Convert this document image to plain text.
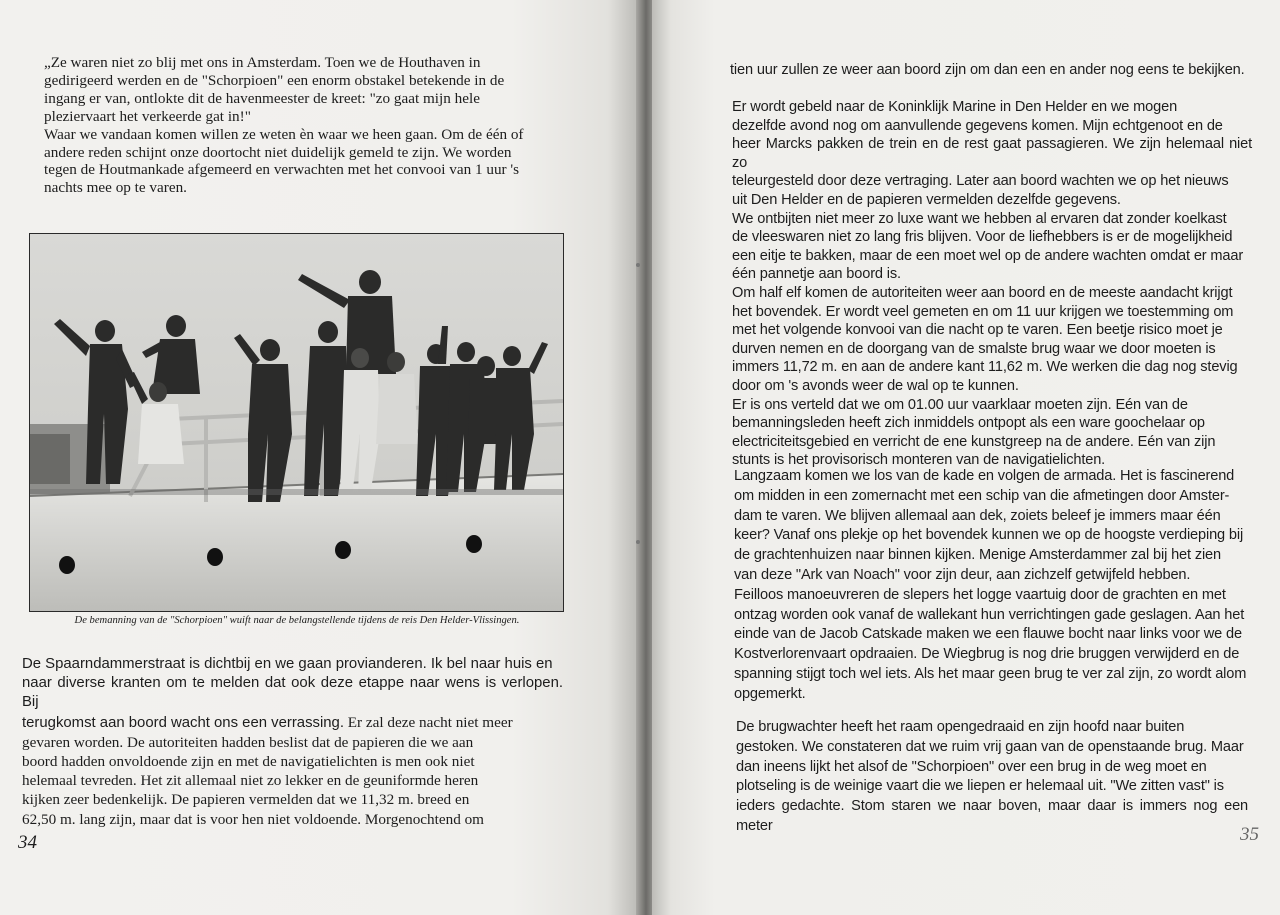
„Ze waren niet zo blij met ons in Amsterdam. Toen we de Houthaven in
gedirigeerd werden en de "Schorpioen" een enorm obstakel betekende in de
ingang er van, ontlokte dit de havenmeester de kreet: "zo gaat mijn hele
pleziervaart het verkeerde gat in!"
Waar we vandaan komen willen ze weten èn waar we heen gaan. Om de één of
andere reden schijnt onze doortocht niet duidelijk gemeld te zijn. We worden
tegen de Houtmankade afgemeerd en verwachten met het convooi van 1 uur 's
nachts mee op te varen.

De bemanning van de "Schorpioen" wuift naar de belangstellende tijdens de reis Den Helder-Vlissingen.

De Spaarndammerstraat is dichtbij en we gaan provianderen. Ik bel naar huis en
naar diverse kranten om te melden dat ook deze etappe naar wens is verlopen. Bij
terugkomst aan boord wacht ons een verrassing. Er zal deze nacht niet meer
gevaren worden. De autoriteiten hadden beslist dat de papieren die we aan
boord hadden onvoldoende zijn en met de navigatielichten is men ook niet
helemaal tevreden. Het zit allemaal niet zo lekker en de geuniformde heren
kijken zeer bedenkelijk. De papieren vermelden dat we 11,32 m. breed en
62,50 m. lang zijn, maar dat is voor hen niet voldoende. Morgenochtend om

34

tien uur zullen ze weer aan boord zijn om dan een en ander nog eens te bekijken.

Er wordt gebeld naar de Koninklijk Marine in Den Helder en we mogen
dezelfde avond nog om aanvullende gegevens komen. Mijn echtgenoot en de
heer Marcks pakken de trein en de rest gaat passagieren. We zijn helemaal niet zo
teleurgesteld door deze vertraging. Later aan boord wachten we op het nieuws
uit Den Helder en de papieren vermelden dezelfde gegevens.
We ontbijten niet meer zo luxe want we hebben al ervaren dat zonder koelkast
de vleeswaren niet zo lang fris blijven. Voor de liefhebbers is er de mogelijkheid
een eitje te bakken, maar de een moet wel op de andere wachten omdat er maar
één pannetje aan boord is.
Om half elf komen de autoriteiten weer aan boord en de meeste aandacht krijgt
het bovendek. Er wordt veel gemeten en om 11 uur krijgen we toestemming om
met het volgende konvooi van die nacht op te varen. Een beetje risico moet je
durven nemen en de doorgang van de smalste brug waar we door moeten is
immers 11,72 m. en aan de andere kant 11,62 m. We werken die dag nog stevig
door om 's avonds weer de wal op te kunnen.
Er is ons verteld dat we om 01.00 uur vaarklaar moeten zijn. Eén van de
bemanningsleden heeft zich inmiddels ontpopt als een ware goochelaar op
electriciteitsgebied en verricht de ene kunstgreep na de andere. Eén van zijn
stunts is het provisorisch monteren van de navigatielichten.

Langzaam komen we los van de kade en volgen de armada. Het is fascinerend
om midden in een zomernacht met een schip van die afmetingen door Amster-
dam te varen. We blijven allemaal aan dek, zoiets beleef je immers maar één
keer? Vanaf ons plekje op het bovendek kunnen we op de hoogste verdieping bij
de grachtenhuizen naar binnen kijken. Menige Amsterdammer zal bij het zien
van deze "Ark van Noach" voor zijn deur, aan zichzelf getwijfeld hebben.
Feilloos manoeuvreren de slepers het logge vaartuig door de grachten en met
ontzag worden ook vanaf de wallekant hun verrichtingen gade geslagen. Aan het
einde van de Jacob Catskade maken we een flauwe bocht naar links voor we de
Kostverlorenvaart opdraaien. De Wiegbrug is nog drie bruggen verwijderd en de
spanning stijgt toch wel iets. Als het maar geen brug te ver zal zijn, zo wordt alom
opgemerkt.

De brugwachter heeft het raam opengedraaid en zijn hoofd naar buiten
gestoken. We constateren dat we ruim vrij gaan van de openstaande brug. Maar
dan ineens lijkt het alsof de "Schorpioen" over een brug in de weg moet en
plotseling is de weinige vaart die we liepen er helemaal uit. "We zitten vast" is
ieders gedachte. Stom staren we naar boven, maar daar is immers nog een meter	35
